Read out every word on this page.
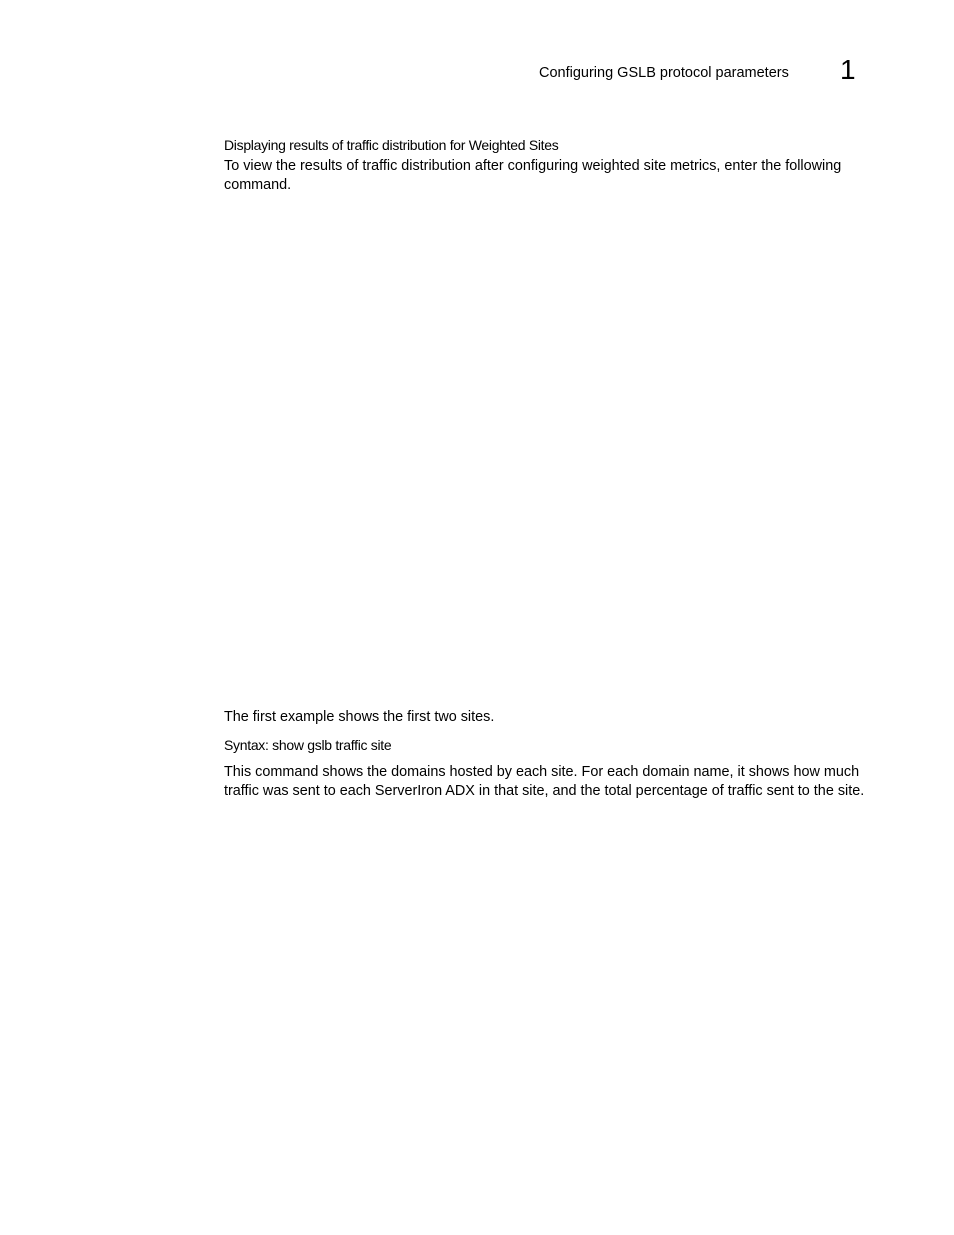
Configuring GSLB protocol parameters 1
Displaying results of traffic distribution for Weighted Sites
To view the results of traffic distribution after configuring weighted site metrics, enter the following command.
The first example shows the first two sites.
Syntax: show gslb traffic site
This command shows the domains hosted by each site. For each domain name, it shows how much traffic was sent to each ServerIron ADX in that site, and the total percentage of traffic sent to the site.
